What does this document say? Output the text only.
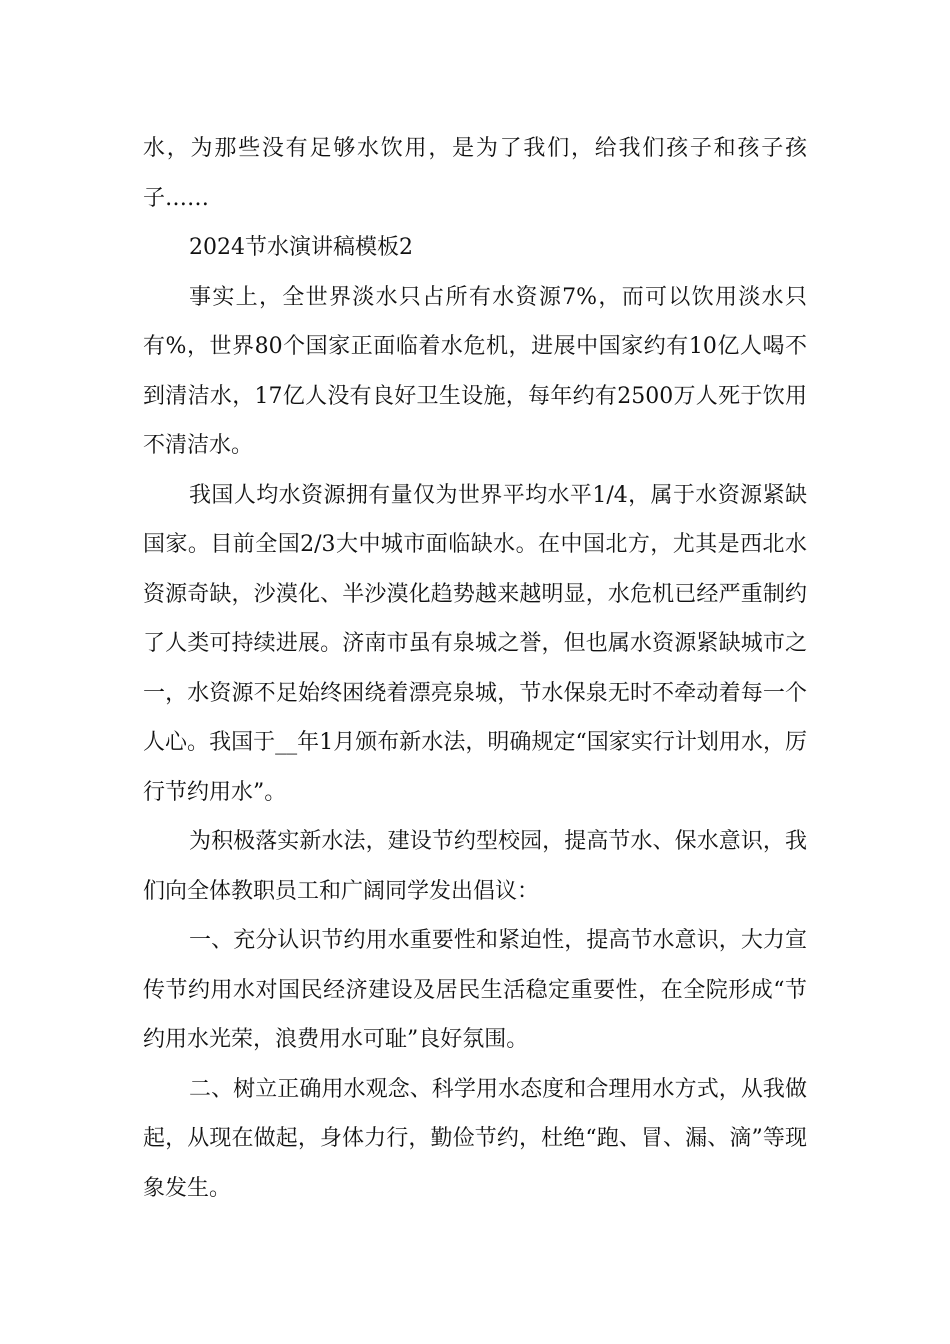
水，为那些没有足够水饮用，是为了我们，给我们孩子和孩子孩子……

2024节水演讲稿模板2

事实上，全世界淡水只占所有水资源7%，而可以饮用淡水只有%，世界80个国家正面临着水危机，进展中国家约有10亿人喝不到清洁水，17亿人没有良好卫生设施，每年约有2500万人死于饮用不清洁水。

我国人均水资源拥有量仅为世界平均水平1/4，属于水资源紧缺国家。目前全国2/3大中城市面临缺水。在中国北方，尤其是西北水资源奇缺，沙漠化、半沙漠化趋势越来越明显，水危机已经严重制约了人类可持续进展。济南市虽有泉城之誉，但也属水资源紧缺城市之一，水资源不足始终困绕着漂亮泉城，节水保泉无时不牵动着每一个人心。我国于__年1月颁布新水法，明确规定“国家实行计划用水，厉行节约用水”。

为积极落实新水法，建设节约型校园，提高节水、保水意识，我们向全体教职员工和广阔同学发出倡议：

一、充分认识节约用水重要性和紧迫性，提高节水意识，大力宣传节约用水对国民经济建设及居民生活稳定重要性，在全院形成“节约用水光荣，浪费用水可耻”良好氛围。

二、树立正确用水观念、科学用水态度和合理用水方式，从我做起，从现在做起，身体力行，勤俭节约，杜绝“跑、冒、漏、滴”等现象发生。
